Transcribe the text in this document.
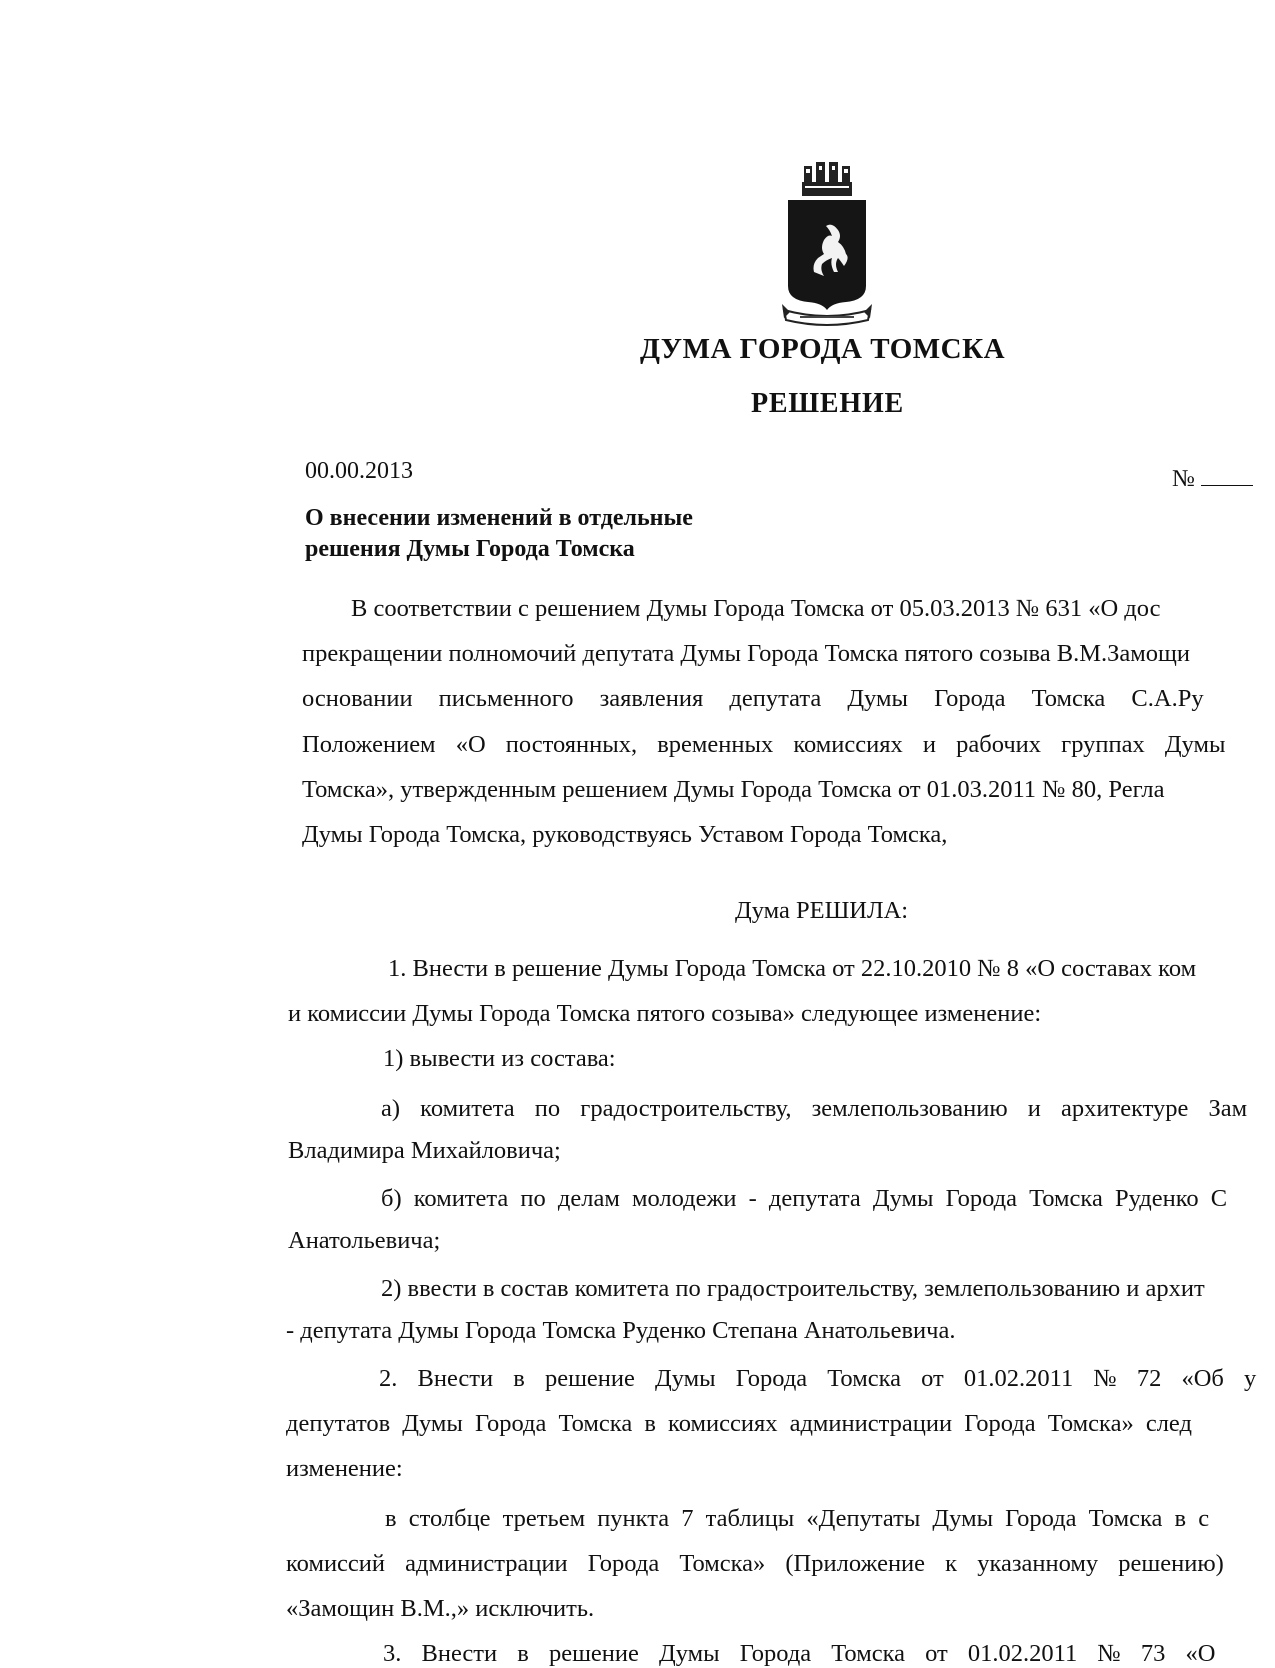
ДУМА ГОРОДА ТОМСКА
РЕШЕНИЕ
00.00.2013	№
О внесении изменений в отдельные
решения Думы Города Томска
В соответствии с решением Думы Города Томска от 05.03.2013 № 631 «О дос
прекращении полномочий депутата Думы Города Томска пятого созыва В.М.Замощи
основании письменного заявления депутата Думы Города Томска С.А.Ру
Положением «О постоянных, временных комиссиях и рабочих группах Думы
Томска», утвержденным решением Думы Города Томска от 01.03.2011 № 80, Регла
Думы Города Томска, руководствуясь Уставом Города Томска,
Дума РЕШИЛА:
1. Внести в решение Думы Города Томска от 22.10.2010 № 8 «О составах ком
и комиссии Думы Города Томска пятого созыва» следующее изменение:
1) вывести из состава:
а) комитета по градостроительству, землепользованию и архитектуре Зам
Владимира Михайловича;
б) комитета по делам молодежи - депутата Думы Города Томска Руденко С
Анатольевича;
2) ввести в состав комитета по градостроительству, землепользованию и архит
- депутата Думы Города Томска Руденко Степана Анатольевича.
2. Внести в решение Думы Города Томска от 01.02.2011 № 72 «Об у
депутатов Думы Города Томска в комиссиях администрации Города Томска» след
изменение:
в столбце третьем пункта 7 таблицы «Депутаты Думы Города Томска в с
комиссий администрации Города Томска» (Приложение к указанному решению)
«Замощин В.М.,» исключить.
3. Внести в решение Думы Города Томска от 01.02.2011 № 73 «О
